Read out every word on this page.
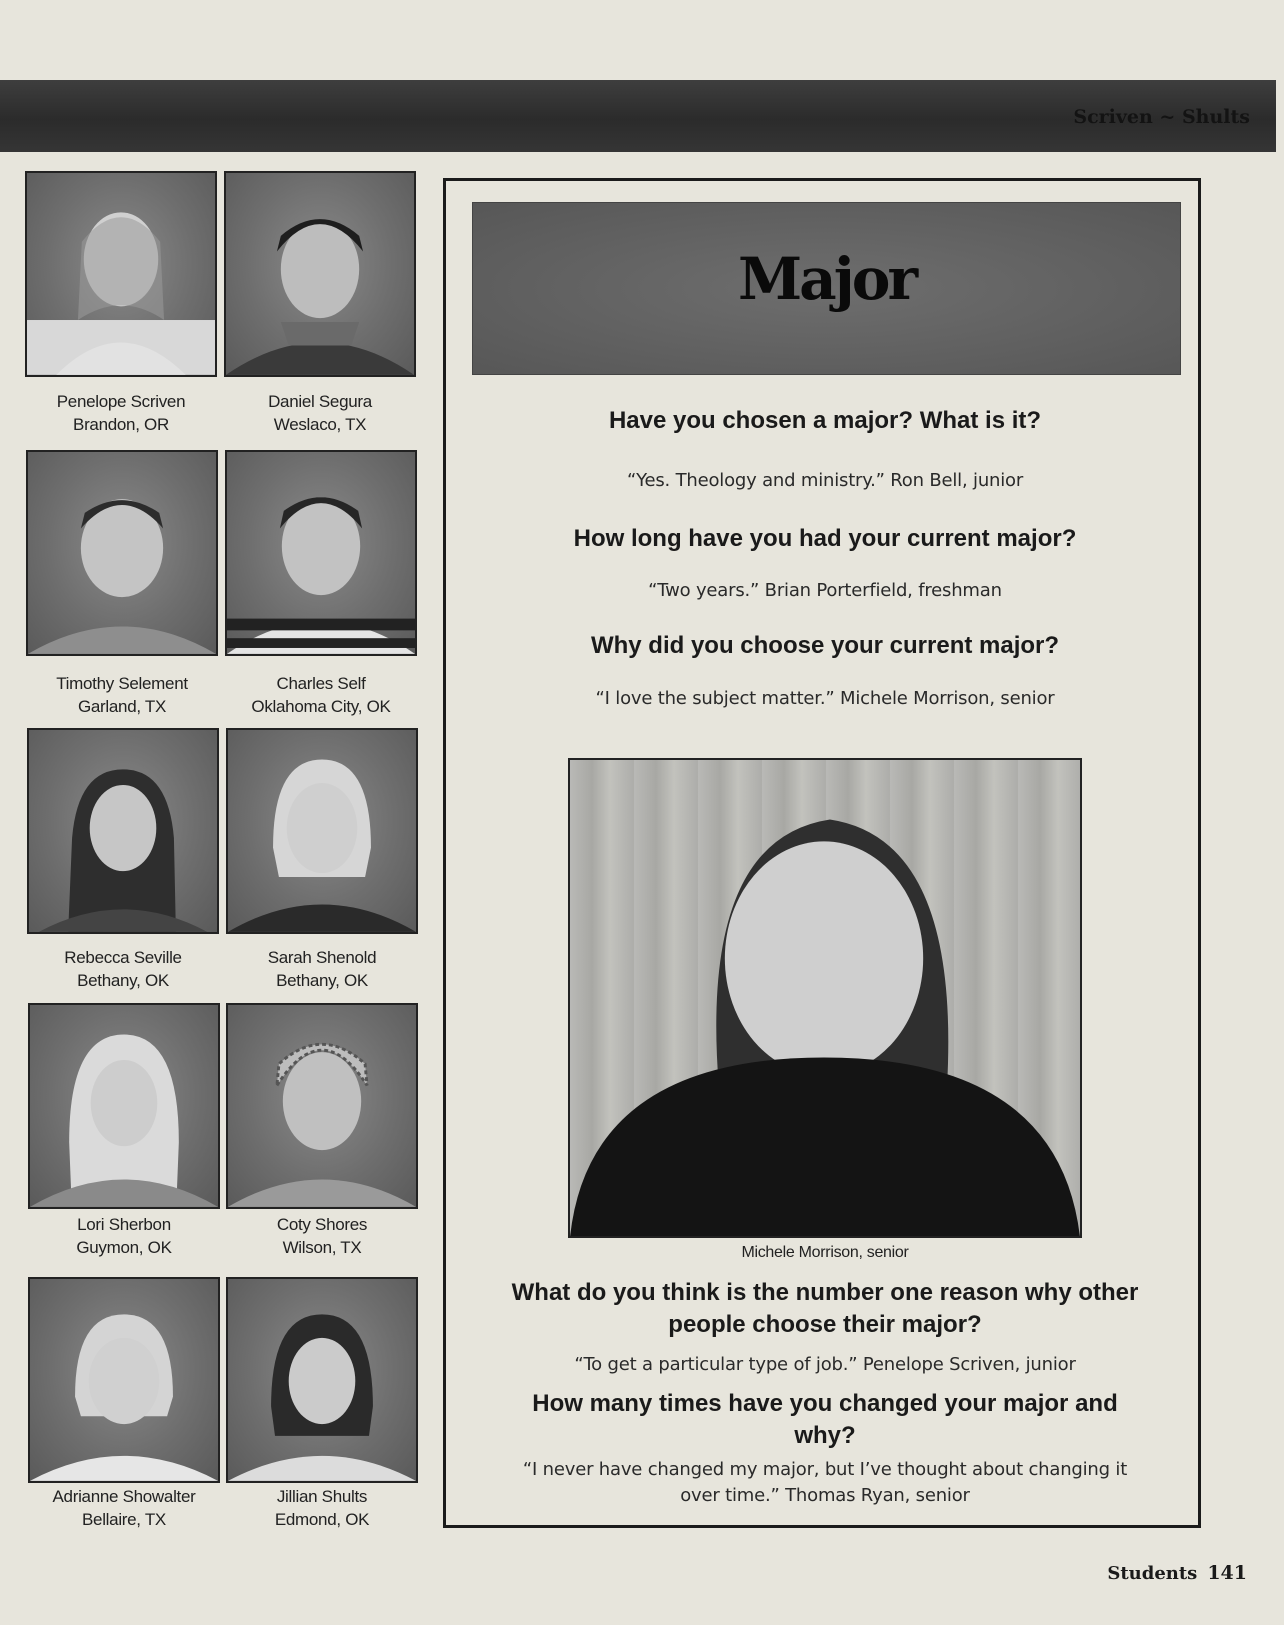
Scriven ~ Shults
Penelope Scriven
Brandon, OR
Daniel Segura
Weslaco, TX
Timothy Selement
Garland, TX
Charles Self
Oklahoma City, OK
Rebecca Seville
Bethany, OK
Sarah Shenold
Bethany, OK
Lori Sherbon
Guymon, OK
Coty Shores
Wilson, TX
Adrianne Showalter
Bellaire, TX
Jillian Shults
Edmond, OK
Major
Have you chosen a major? What is it?
“Yes. Theology and ministry.” Ron Bell, junior
How long have you had your current major?
“Two years.” Brian Porterfield, freshman
Why did you choose your current major?
“I love the subject matter.” Michele Morrison, senior
Michele Morrison, senior
What do you think is the number one reason why other people choose their major?
“To get a particular type of job.” Penelope Scriven, junior
How many times have you changed your major and why?
“I never have changed my major, but I’ve thought about changing it over time.” Thomas Ryan, senior
Students 141
